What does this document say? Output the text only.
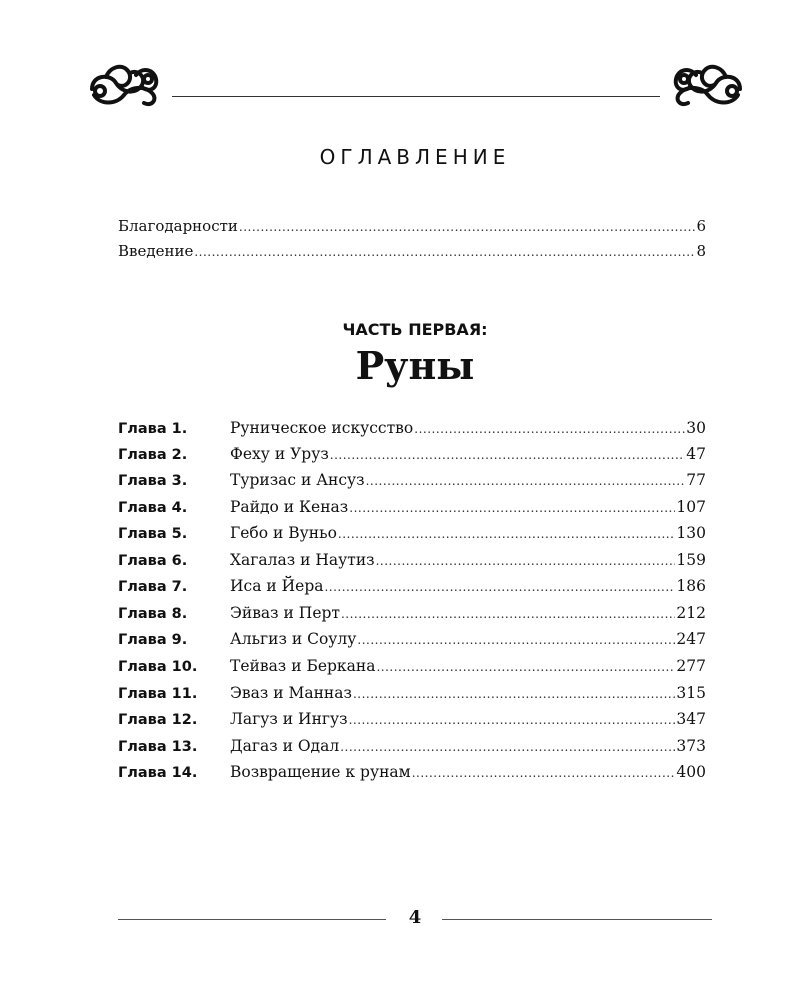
ОГЛАВЛЕНИЕ
Благодарности .....	6
Введение .....	8
ЧАСТЬ ПЕРВАЯ:
Руны
Глава 1.	Руническое искусство .....	30
Глава 2.	Феху и Уруз .....	47
Глава 3.	Туризас и Ансуз .....	77
Глава 4.	Райдо и Кеназ .....	107
Глава 5.	Гебо и Вуньо .....	130
Глава 6.	Хагалаз и Наутиз .....	159
Глава 7.	Иса и Йера .....	186
Глава 8.	Эйваз и Перт .....	212
Глава 9.	Альгиз и Соулу .....	247
Глава 10.	Тейваз и Беркана .....	277
Глава 11.	Эваз и Манназ .....	315
Глава 12.	Лагуз и Ингуз .....	347
Глава 13.	Дагаз и Одал .....	373
Глава 14.	Возвращение к рунам .....	400
4
